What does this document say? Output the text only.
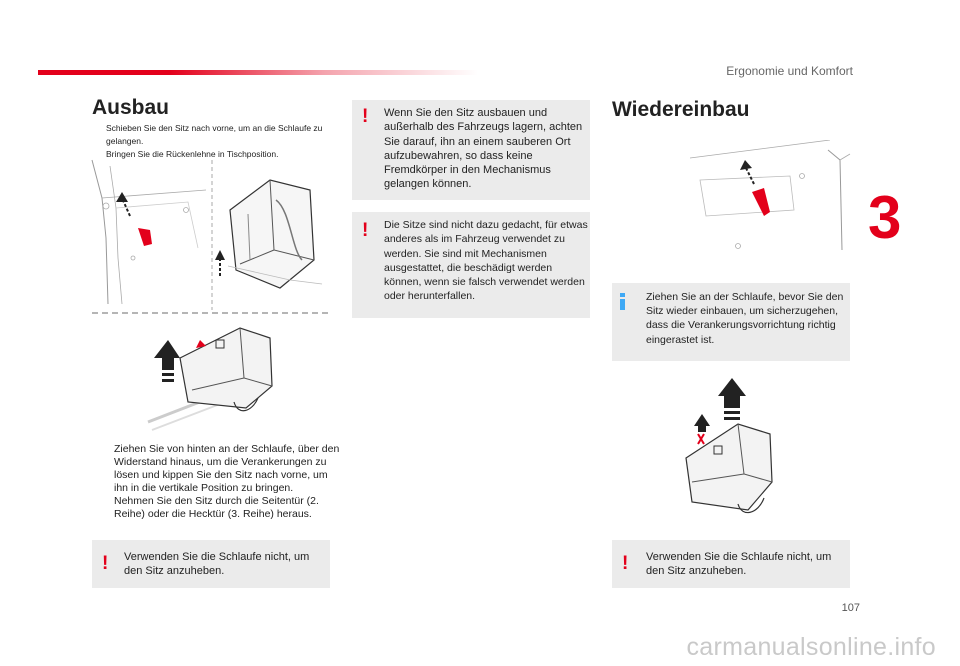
Ergonomie und Komfort
3
Ausbau
Schieben Sie den Sitz nach vorne, um an die Schlaufe zu gelangen.
Bringen Sie die Rückenlehne in Tischposition.
Ziehen Sie von hinten an der Schlaufe, über den Widerstand hinaus, um die Verankerungen zu lösen und kippen Sie den Sitz nach vorne, um ihn in die vertikale Position zu bringen.
Nehmen Sie den Sitz durch die Seitentür (2. Reihe) oder die Hecktür (3. Reihe) heraus.
! Verwenden Sie die Schlaufe nicht, um den Sitz anzuheben.
! Wenn Sie den Sitz ausbauen und außerhalb des Fahrzeugs lagern, achten Sie darauf, ihn an einem sauberen Ort aufzubewahren, so dass keine Fremdkörper in den Mechanismus gelangen können.
! Die Sitze sind nicht dazu gedacht, für etwas anderes als im Fahrzeug verwendet zu werden. Sie sind mit Mechanismen ausgestattet, die beschädigt werden können, wenn sie falsch verwendet werden oder herunterfallen.
Wiedereinbau
Ziehen Sie an der Schlaufe, bevor Sie den Sitz wieder einbauen, um sicherzugehen, dass die Verankerungsvorrichtung richtig eingerastet ist.
! Verwenden Sie die Schlaufe nicht, um den Sitz anzuheben.
107
carmanualsonline.info
